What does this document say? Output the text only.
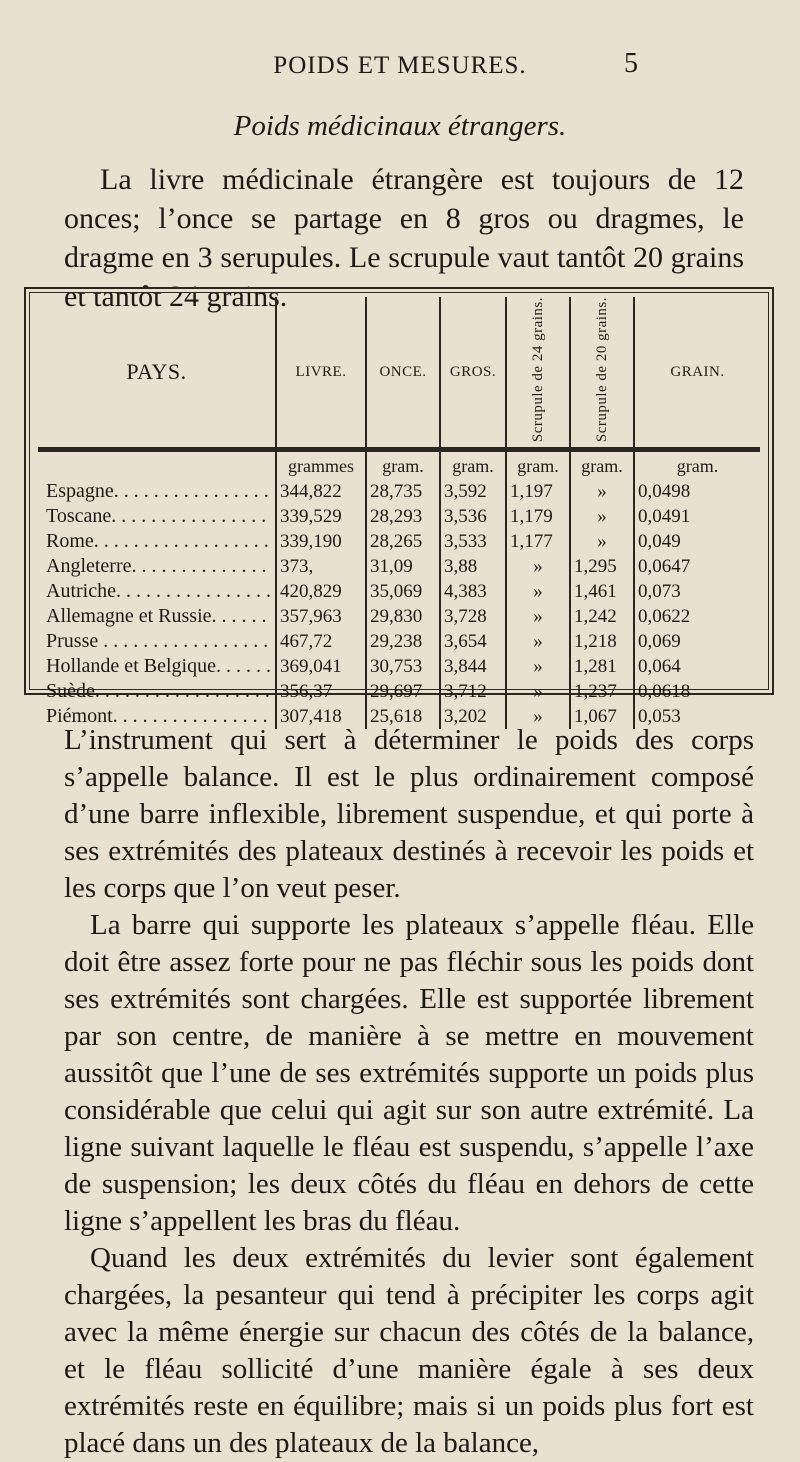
POIDS ET MESURES.	5
Poids médicinaux étrangers.

La livre médicinale étrangère est toujours de 12 onces; l’once se partage en 8 gros ou dragmes, le dragme en 3 serupules. Le scrupule vaut tantôt 20 grains et tantôt 24 grains.

PAYS.	LIVRE.	ONCE.	GROS.	Scrupule de 24 grains.	Scrupule de 20 grains.	GRAIN.
	grammes	gram.	gram.	gram.	gram.	gram.
Espagne. . . . . . . . . . . . . . . .	344,822	28,735	3,592	1,197	»	0,0498
Toscane. . . . . . . . . . . . . . . .	339,529	28,293	3,536	1,179	»	0,0491
Rome. . . . . . . . . . . . . . . . . .	339,190	28,265	3,533	1,177	»	0,049
Angleterre. . . . . . . . . . . . . .	373,	31,09	3,88	»	1,295	0,0647
Autriche. . . . . . . . . . . . . . . .	420,829	35,069	4,383	»	1,461	0,073
Allemagne et Russie. . . . . .	357,963	29,830	3,728	»	1,242	0,0622
Prusse . . . . . . . . . . . . . . . . .	467,72	29,238	3,654	»	1,218	0,069
Hollande et Belgique. . . . . .	369,041	30,753	3,844	»	1,281	0,064
Suède. . . . . . . . . . . . . . . . . .	356,37	29,697	3,712	»	1,237	0,0618
Piémont. . . . . . . . . . . . . . . .	307,418	25,618	3,202	»	1,067	0,053

L’instrument qui sert à déterminer le poids des corps s’appelle balance. Il est le plus ordinairement composé d’une barre inflexible, librement suspendue, et qui porte à ses extrémités des plateaux destinés à recevoir les poids et les corps que l’on veut peser.

La barre qui supporte les plateaux s’appelle fléau. Elle doit être assez forte pour ne pas fléchir sous les poids dont ses extrémités sont chargées. Elle est supportée librement par son centre, de manière à se mettre en mouvement aussitôt que l’une de ses extrémités supporte un poids plus considérable que celui qui agit sur son autre extrémité. La ligne suivant laquelle le fléau est suspendu, s’appelle l’axe de suspension; les deux côtés du fléau en dehors de cette ligne s’appellent les bras du fléau.

Quand les deux extrémités du levier sont également chargées, la pesanteur qui tend à précipiter les corps agit avec la même énergie sur chacun des côtés de la balance, et le fléau sollicité d’une manière égale à ses deux extrémités reste en équilibre; mais si un poids plus fort est placé dans un des plateaux de la balance,
